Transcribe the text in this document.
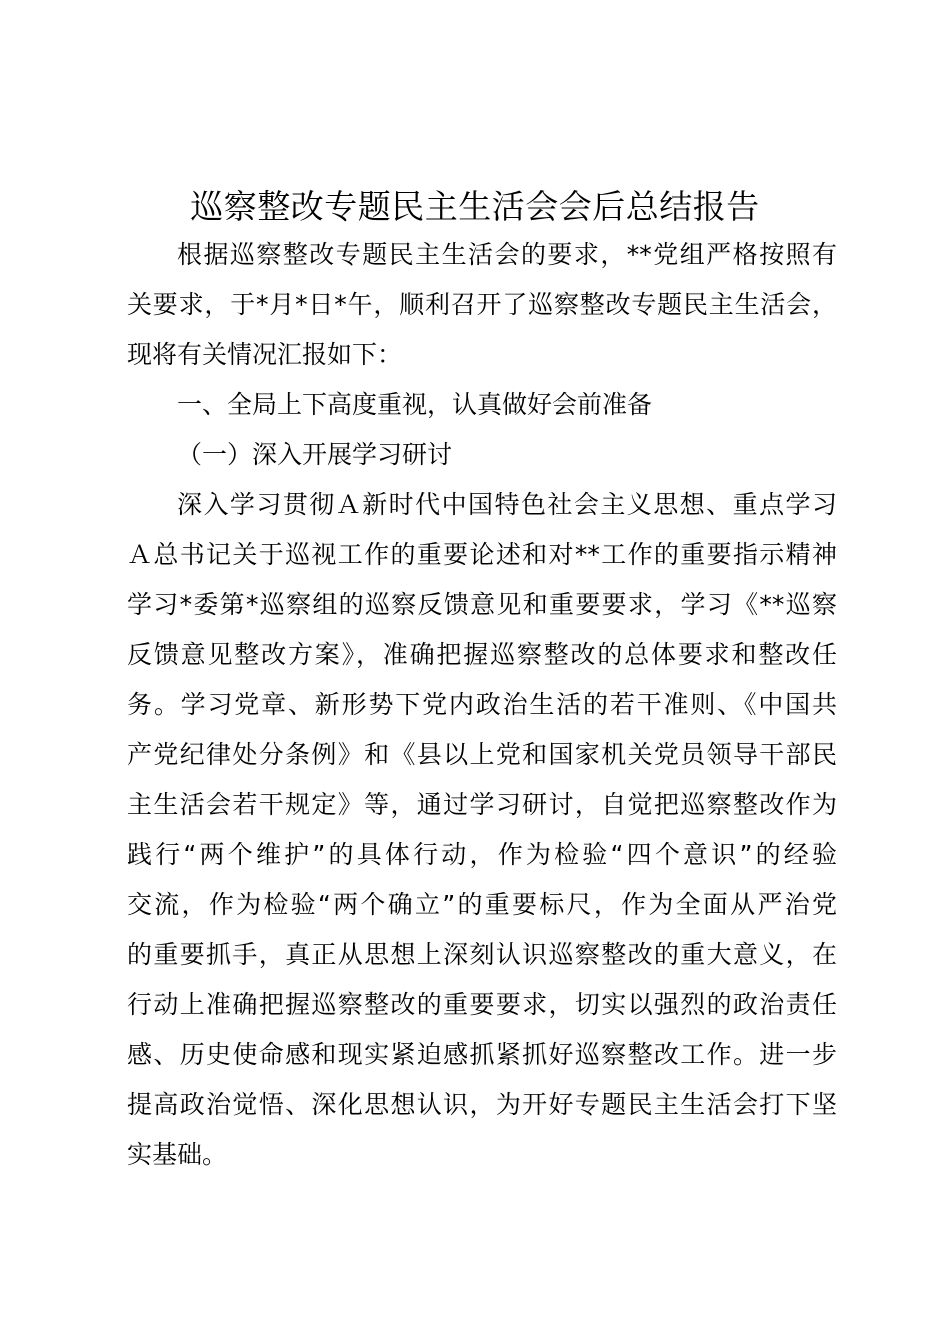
巡察整改专题民主生活会会后总结报告
根据巡察整改专题民主生活会的要求，**党组严格按照有
关要求，于*月*日*午，顺利召开了巡察整改专题民主生活会，
现将有关情况汇报如下：
一、全局上下高度重视，认真做好会前准备
（一）深入开展学习研讨
深入学习贯彻Ａ新时代中国特色社会主义思想、重点学习
Ａ总书记关于巡视工作的重要论述和对**工作的重要指示精神
学习*委第*巡察组的巡察反馈意见和重要要求，学习《**巡察
反馈意见整改方案》，准确把握巡察整改的总体要求和整改任
务。学习党章、新形势下党内政治生活的若干准则、《中国共
产党纪律处分条例》和《县以上党和国家机关党员领导干部民
主生活会若干规定》等，通过学习研讨，自觉把巡察整改作为
践行“两个维护”的具体行动，作为检验“四个意识”的经验
交流，作为检验“两个确立”的重要标尺，作为全面从严治党
的重要抓手，真正从思想上深刻认识巡察整改的重大意义，在
行动上准确把握巡察整改的重要要求，切实以强烈的政治责任
感、历史使命感和现实紧迫感抓紧抓好巡察整改工作。进一步
提高政治觉悟、深化思想认识，为开好专题民主生活会打下坚
实基础。
